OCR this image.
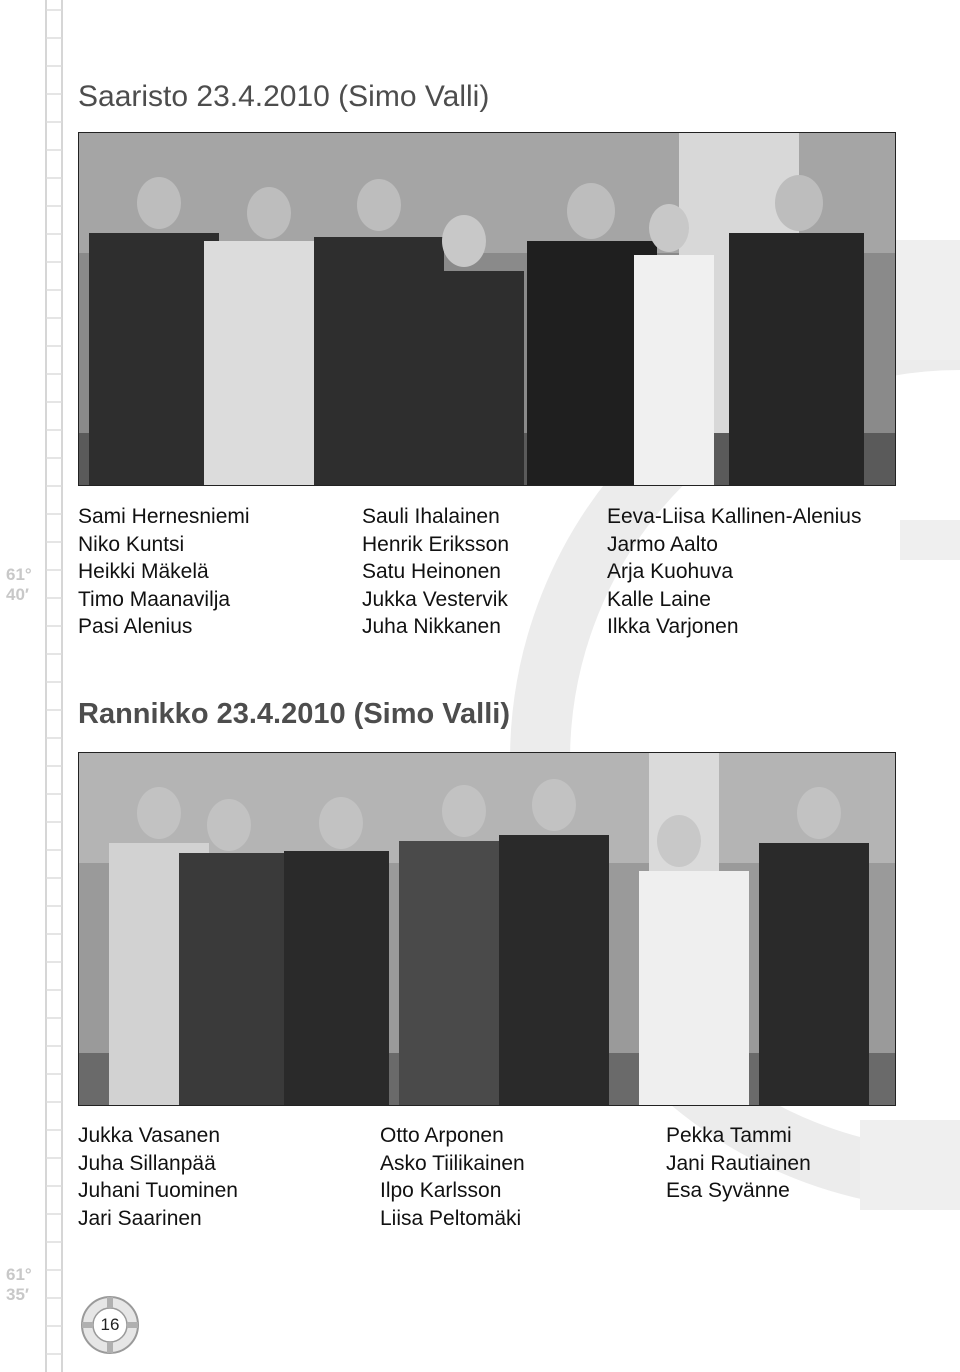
61°
40′
61°
35′
Saaristo 23.4.2010 (Simo Valli)
Sami Hernesniemi
Niko Kuntsi
Heikki Mäkelä
Timo Maanavilja
Pasi Alenius
Sauli Ihalainen
Henrik Eriksson
Satu Heinonen
Jukka Vestervik
Juha Nikkanen
Eeva-Liisa Kallinen-Alenius
Jarmo Aalto
Arja Kuohuva
Kalle Laine
Ilkka Varjonen
Rannikko 23.4.2010 (Simo Valli)
Jukka Vasanen
Juha Sillanpää
Juhani Tuominen
Jari Saarinen
Otto Arponen
Asko Tiilikainen
Ilpo Karlsson
Liisa Peltomäki
Pekka Tammi
Jani Rautiainen
Esa Syvänne
16
